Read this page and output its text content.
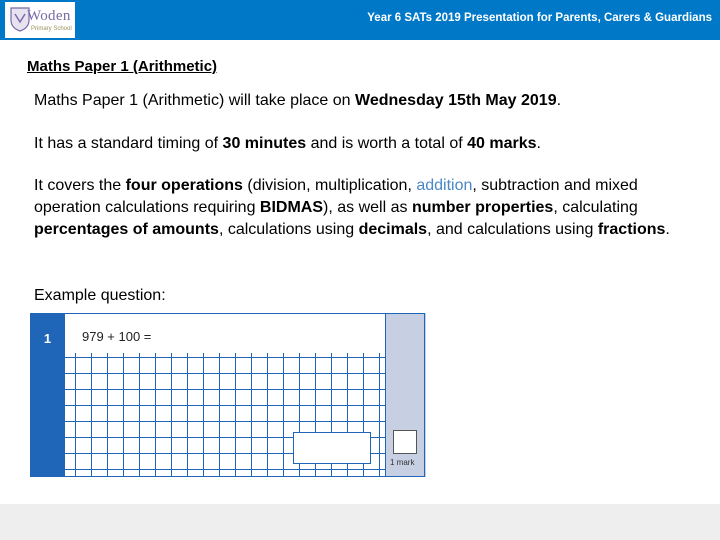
Woden
Primary School
Year 6 SATs 2019 Presentation for Parents, Carers & Guardians
Maths Paper 1 (Arithmetic)
Maths Paper 1 (Arithmetic) will take place on Wednesday 15th May 2019.
It has a standard timing of 30 minutes and is worth a total of 40 marks.
It covers the four operations (division, multiplication, addition, subtraction and mixed operation calculations requiring BIDMAS), as well as number properties, calculating percentages of amounts, calculations using decimals, and calculations using fractions.
Example question:
1	979 + 100 =
1 mark
